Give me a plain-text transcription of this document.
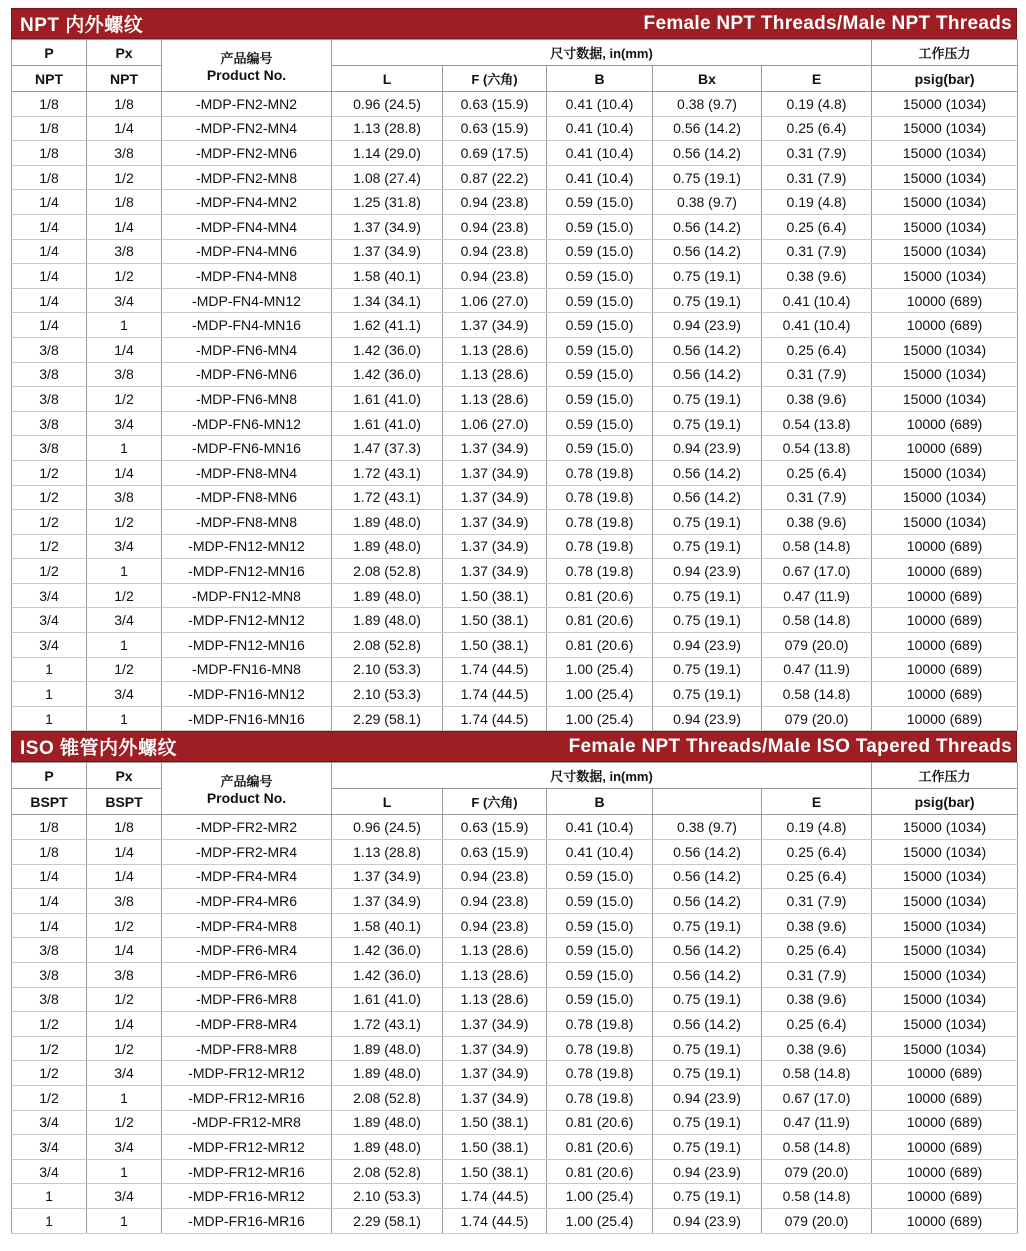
NPT 内外螺纹	Female NPT Threads/Male NPT Threads
P	Px	产品编号
Product No.	尺寸数据, in(mm)					工作压力
NPT	NPT		L	F (六角)	B	Bx	E	psig(bar)
1/8	1/8	-MDP-FN2-MN2	0.96 (24.5)	0.63 (15.9)	0.41 (10.4)	0.38 (9.7)	0.19 (4.8)	15000 (1034)
1/8	1/4	-MDP-FN2-MN4	1.13 (28.8)	0.63 (15.9)	0.41 (10.4)	0.56 (14.2)	0.25 (6.4)	15000 (1034)
1/8	3/8	-MDP-FN2-MN6	1.14 (29.0)	0.69 (17.5)	0.41 (10.4)	0.56 (14.2)	0.31 (7.9)	15000 (1034)
1/8	1/2	-MDP-FN2-MN8	1.08 (27.4)	0.87 (22.2)	0.41 (10.4)	0.75 (19.1)	0.31 (7.9)	15000 (1034)
1/4	1/8	-MDP-FN4-MN2	1.25 (31.8)	0.94 (23.8)	0.59 (15.0)	0.38 (9.7)	0.19 (4.8)	15000 (1034)
1/4	1/4	-MDP-FN4-MN4	1.37 (34.9)	0.94 (23.8)	0.59 (15.0)	0.56 (14.2)	0.25 (6.4)	15000 (1034)
1/4	3/8	-MDP-FN4-MN6	1.37 (34.9)	0.94 (23.8)	0.59 (15.0)	0.56 (14.2)	0.31 (7.9)	15000 (1034)
1/4	1/2	-MDP-FN4-MN8	1.58 (40.1)	0.94 (23.8)	0.59 (15.0)	0.75 (19.1)	0.38 (9.6)	15000 (1034)
1/4	3/4	-MDP-FN4-MN12	1.34 (34.1)	1.06 (27.0)	0.59 (15.0)	0.75 (19.1)	0.41 (10.4)	10000 (689)
1/4	1	-MDP-FN4-MN16	1.62 (41.1)	1.37 (34.9)	0.59 (15.0)	0.94 (23.9)	0.41 (10.4)	10000 (689)
3/8	1/4	-MDP-FN6-MN4	1.42 (36.0)	1.13 (28.6)	0.59 (15.0)	0.56 (14.2)	0.25 (6.4)	15000 (1034)
3/8	3/8	-MDP-FN6-MN6	1.42 (36.0)	1.13 (28.6)	0.59 (15.0)	0.56 (14.2)	0.31 (7.9)	15000 (1034)
3/8	1/2	-MDP-FN6-MN8	1.61 (41.0)	1.13 (28.6)	0.59 (15.0)	0.75 (19.1)	0.38 (9.6)	15000 (1034)
3/8	3/4	-MDP-FN6-MN12	1.61 (41.0)	1.06 (27.0)	0.59 (15.0)	0.75 (19.1)	0.54 (13.8)	10000 (689)
3/8	1	-MDP-FN6-MN16	1.47 (37.3)	1.37 (34.9)	0.59 (15.0)	0.94 (23.9)	0.54 (13.8)	10000 (689)
1/2	1/4	-MDP-FN8-MN4	1.72 (43.1)	1.37 (34.9)	0.78 (19.8)	0.56 (14.2)	0.25 (6.4)	15000 (1034)
1/2	3/8	-MDP-FN8-MN6	1.72 (43.1)	1.37 (34.9)	0.78 (19.8)	0.56 (14.2)	0.31 (7.9)	15000 (1034)
1/2	1/2	-MDP-FN8-MN8	1.89 (48.0)	1.37 (34.9)	0.78 (19.8)	0.75 (19.1)	0.38 (9.6)	15000 (1034)
1/2	3/4	-MDP-FN12-MN12	1.89 (48.0)	1.37 (34.9)	0.78 (19.8)	0.75 (19.1)	0.58 (14.8)	10000 (689)
1/2	1	-MDP-FN12-MN16	2.08 (52.8)	1.37 (34.9)	0.78 (19.8)	0.94 (23.9)	0.67 (17.0)	10000 (689)
3/4	1/2	-MDP-FN12-MN8	1.89 (48.0)	1.50 (38.1)	0.81 (20.6)	0.75 (19.1)	0.47 (11.9)	10000 (689)
3/4	3/4	-MDP-FN12-MN12	1.89 (48.0)	1.50 (38.1)	0.81 (20.6)	0.75 (19.1)	0.58 (14.8)	10000 (689)
3/4	1	-MDP-FN12-MN16	2.08 (52.8)	1.50 (38.1)	0.81 (20.6)	0.94 (23.9)	079 (20.0)	10000 (689)
1	1/2	-MDP-FN16-MN8	2.10 (53.3)	1.74 (44.5)	1.00 (25.4)	0.75 (19.1)	0.47 (11.9)	10000 (689)
1	3/4	-MDP-FN16-MN12	2.10 (53.3)	1.74 (44.5)	1.00 (25.4)	0.75 (19.1)	0.58 (14.8)	10000 (689)
1	1	-MDP-FN16-MN16	2.29 (58.1)	1.74 (44.5)	1.00 (25.4)	0.94 (23.9)	079 (20.0)	10000 (689)
ISO 锥管内外螺纹	Female NPT Threads/Male ISO Tapered Threads
P	Px	产品编号
Product No.	尺寸数据, in(mm)					工作压力
BSPT	BSPT		L	F (六角)	B		E	psig(bar)
1/8	1/8	-MDP-FR2-MR2	0.96 (24.5)	0.63 (15.9)	0.41 (10.4)	0.38 (9.7)	0.19 (4.8)	15000 (1034)
1/8	1/4	-MDP-FR2-MR4	1.13 (28.8)	0.63 (15.9)	0.41 (10.4)	0.56 (14.2)	0.25 (6.4)	15000 (1034)
1/4	1/4	-MDP-FR4-MR4	1.37 (34.9)	0.94 (23.8)	0.59 (15.0)	0.56 (14.2)	0.25 (6.4)	15000 (1034)
1/4	3/8	-MDP-FR4-MR6	1.37 (34.9)	0.94 (23.8)	0.59 (15.0)	0.56 (14.2)	0.31 (7.9)	15000 (1034)
1/4	1/2	-MDP-FR4-MR8	1.58 (40.1)	0.94 (23.8)	0.59 (15.0)	0.75 (19.1)	0.38 (9.6)	15000 (1034)
3/8	1/4	-MDP-FR6-MR4	1.42 (36.0)	1.13 (28.6)	0.59 (15.0)	0.56 (14.2)	0.25 (6.4)	15000 (1034)
3/8	3/8	-MDP-FR6-MR6	1.42 (36.0)	1.13 (28.6)	0.59 (15.0)	0.56 (14.2)	0.31 (7.9)	15000 (1034)
3/8	1/2	-MDP-FR6-MR8	1.61 (41.0)	1.13 (28.6)	0.59 (15.0)	0.75 (19.1)	0.38 (9.6)	15000 (1034)
1/2	1/4	-MDP-FR8-MR4	1.72 (43.1)	1.37 (34.9)	0.78 (19.8)	0.56 (14.2)	0.25 (6.4)	15000 (1034)
1/2	1/2	-MDP-FR8-MR8	1.89 (48.0)	1.37 (34.9)	0.78 (19.8)	0.75 (19.1)	0.38 (9.6)	15000 (1034)
1/2	3/4	-MDP-FR12-MR12	1.89 (48.0)	1.37 (34.9)	0.78 (19.8)	0.75 (19.1)	0.58 (14.8)	10000 (689)
1/2	1	-MDP-FR12-MR16	2.08 (52.8)	1.37 (34.9)	0.78 (19.8)	0.94 (23.9)	0.67 (17.0)	10000 (689)
3/4	1/2	-MDP-FR12-MR8	1.89 (48.0)	1.50 (38.1)	0.81 (20.6)	0.75 (19.1)	0.47 (11.9)	10000 (689)
3/4	3/4	-MDP-FR12-MR12	1.89 (48.0)	1.50 (38.1)	0.81 (20.6)	0.75 (19.1)	0.58 (14.8)	10000 (689)
3/4	1	-MDP-FR12-MR16	2.08 (52.8)	1.50 (38.1)	0.81 (20.6)	0.94 (23.9)	079 (20.0)	10000 (689)
1	3/4	-MDP-FR16-MR12	2.10 (53.3)	1.74 (44.5)	1.00 (25.4)	0.75 (19.1)	0.58 (14.8)	10000 (689)
1	1	-MDP-FR16-MR16	2.29 (58.1)	1.74 (44.5)	1.00 (25.4)	0.94 (23.9)	079 (20.0)	10000 (689)
